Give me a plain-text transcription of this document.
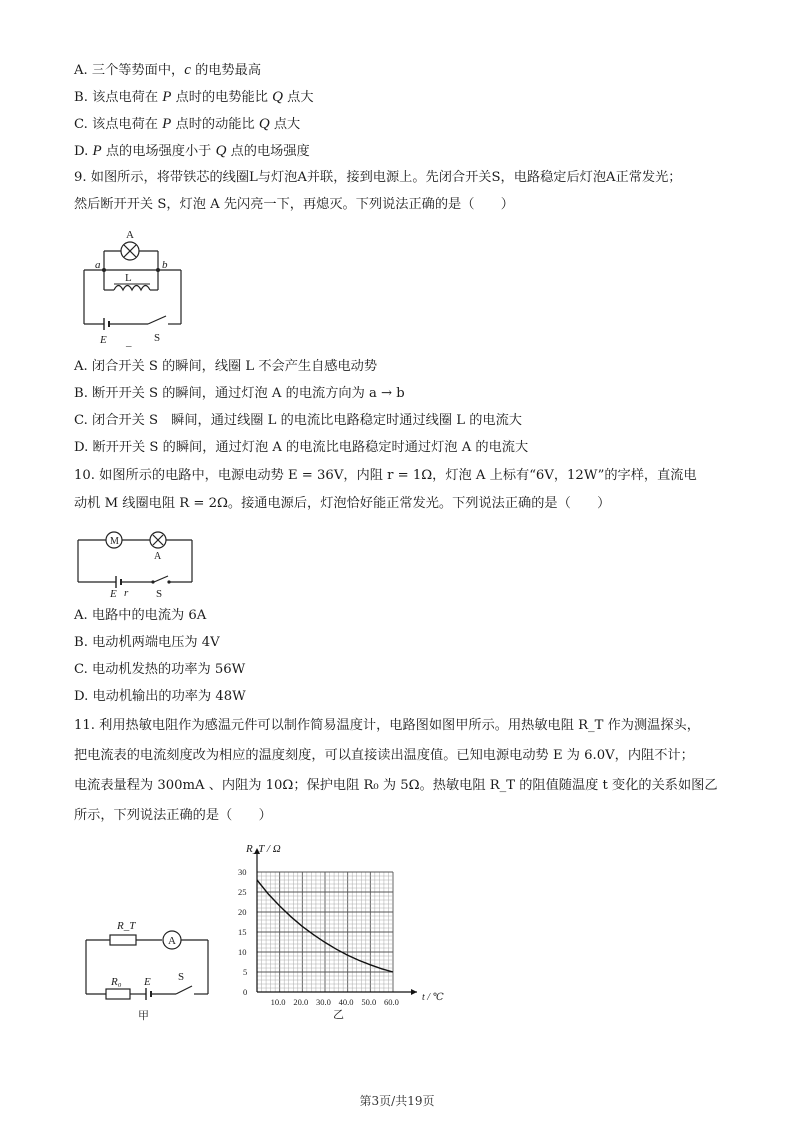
A. 三个等势面中，c 的电势最高
B. 该点电荷在 P 点时的电势能比 Q 点大
C. 该点电荷在 P 点时的动能比 Q 点大
D. P 点的电场强度小于 Q 点的电场强度
9. 如图所示，将带铁芯的线圈L与灯泡A并联，接到电源上。先闭合开关S，电路稳定后灯泡A正常发光；
然后断开开关 S，灯泡 A 先闪亮一下，再熄灭。下列说法正确的是（　　）
A
L
a	b
E _ S
A. 闭合开关 S 的瞬间，线圈 L 不会产生自感电动势
B. 断开开关 S 的瞬间，通过灯泡 A 的电流方向为 a → b
C. 闭合开关 S　瞬间，通过线圈 L 的电流比电路稳定时通过线圈 L 的电流大
D. 断开开关 S 的瞬间，通过灯泡 A 的电流比电路稳定时通过灯泡 A 的电流大
10. 如图所示的电路中，电源电动势 E = 36V，内阻 r = 1Ω，灯泡 A 上标有“6V，12W”的字样，直流电
动机 M 线圈电阻 R = 2Ω。接通电源后，灯泡恰好能正常发光。下列说法正确的是（　　）
M
A
E r	S
A. 电路中的电流为 6A
B. 电动机两端电压为 4V
C. 电动机发热的功率为 56W
D. 电动机输出的功率为 48W
11. 利用热敏电阻作为感温元件可以制作简易温度计，电路图如图甲所示。用热敏电阻 R_T 作为测温探头，
把电流表的电流刻度改为相应的温度刻度，可以直接读出温度值。已知电源电动势 E 为 6.0V，内阻不计；
电流表量程为 300mA 、内阻为 10Ω；保护电阻 R₀ 为 5Ω。热敏电阻 R_T 的阻值随温度 t 变化的关系如图乙
所示，下列说法正确的是（　　）
R_T
A
R₀ E S
甲
10.0 20.0 30.0 40.0 50.0 60.0
0
5
10
15
20
25
30
R_T / Ω
t / ℃
乙
第3页/共19页
